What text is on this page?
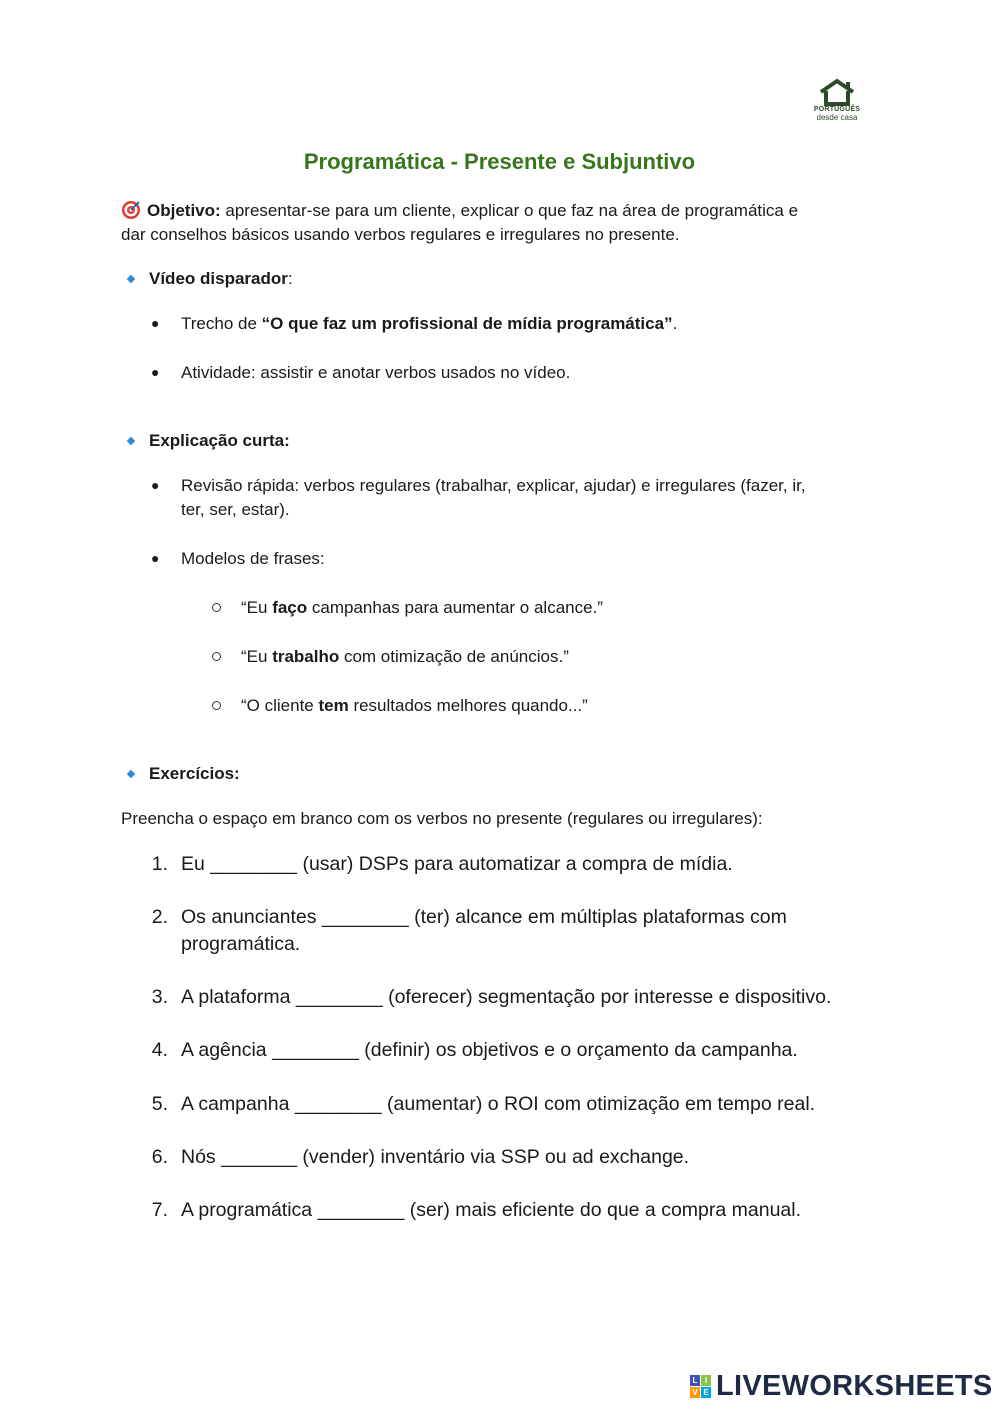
PORTUGUÊS
desde casa
Programática - Presente e Subjuntivo

Objetivo: apresentar-se para um cliente, explicar o que faz na área de programática e

dar conselhos básicos usando verbos regulares e irregulares no presente.

Vídeo disparador:

● Trecho de “O que faz um profissional de mídia programática”.

● Atividade: assistir e anotar verbos usados no vídeo.

Explicação curta:

● Revisão rápida: verbos regulares (trabalhar, explicar, ajudar) e irregulares (fazer, ir,

ter, ser, estar).

● Modelos de frases:

“Eu faço campanhas para aumentar o alcance.”

“Eu trabalho com otimização de anúncios.”

“O cliente tem resultados melhores quando...”

Exercícios:

Preencha o espaço em branco com os verbos no presente (regulares ou irregulares):

1. Eu ________ (usar) DSPs para automatizar a compra de mídia.

2. Os anunciantes ________ (ter) alcance em múltiplas plataformas com

programática.

3. A plataforma ________ (oferecer) segmentação por interesse e dispositivo.

4. A agência ________ (definir) os objetivos e o orçamento da campanha.

5. A campanha ________ (aumentar) o ROI com otimização em tempo real.

6. Nós _______ (vender) inventário via SSP ou ad exchange.

7. A programática ________ (ser) mais eficiente do que a compra manual.

L I
V E LIVEWORKSHEETS
